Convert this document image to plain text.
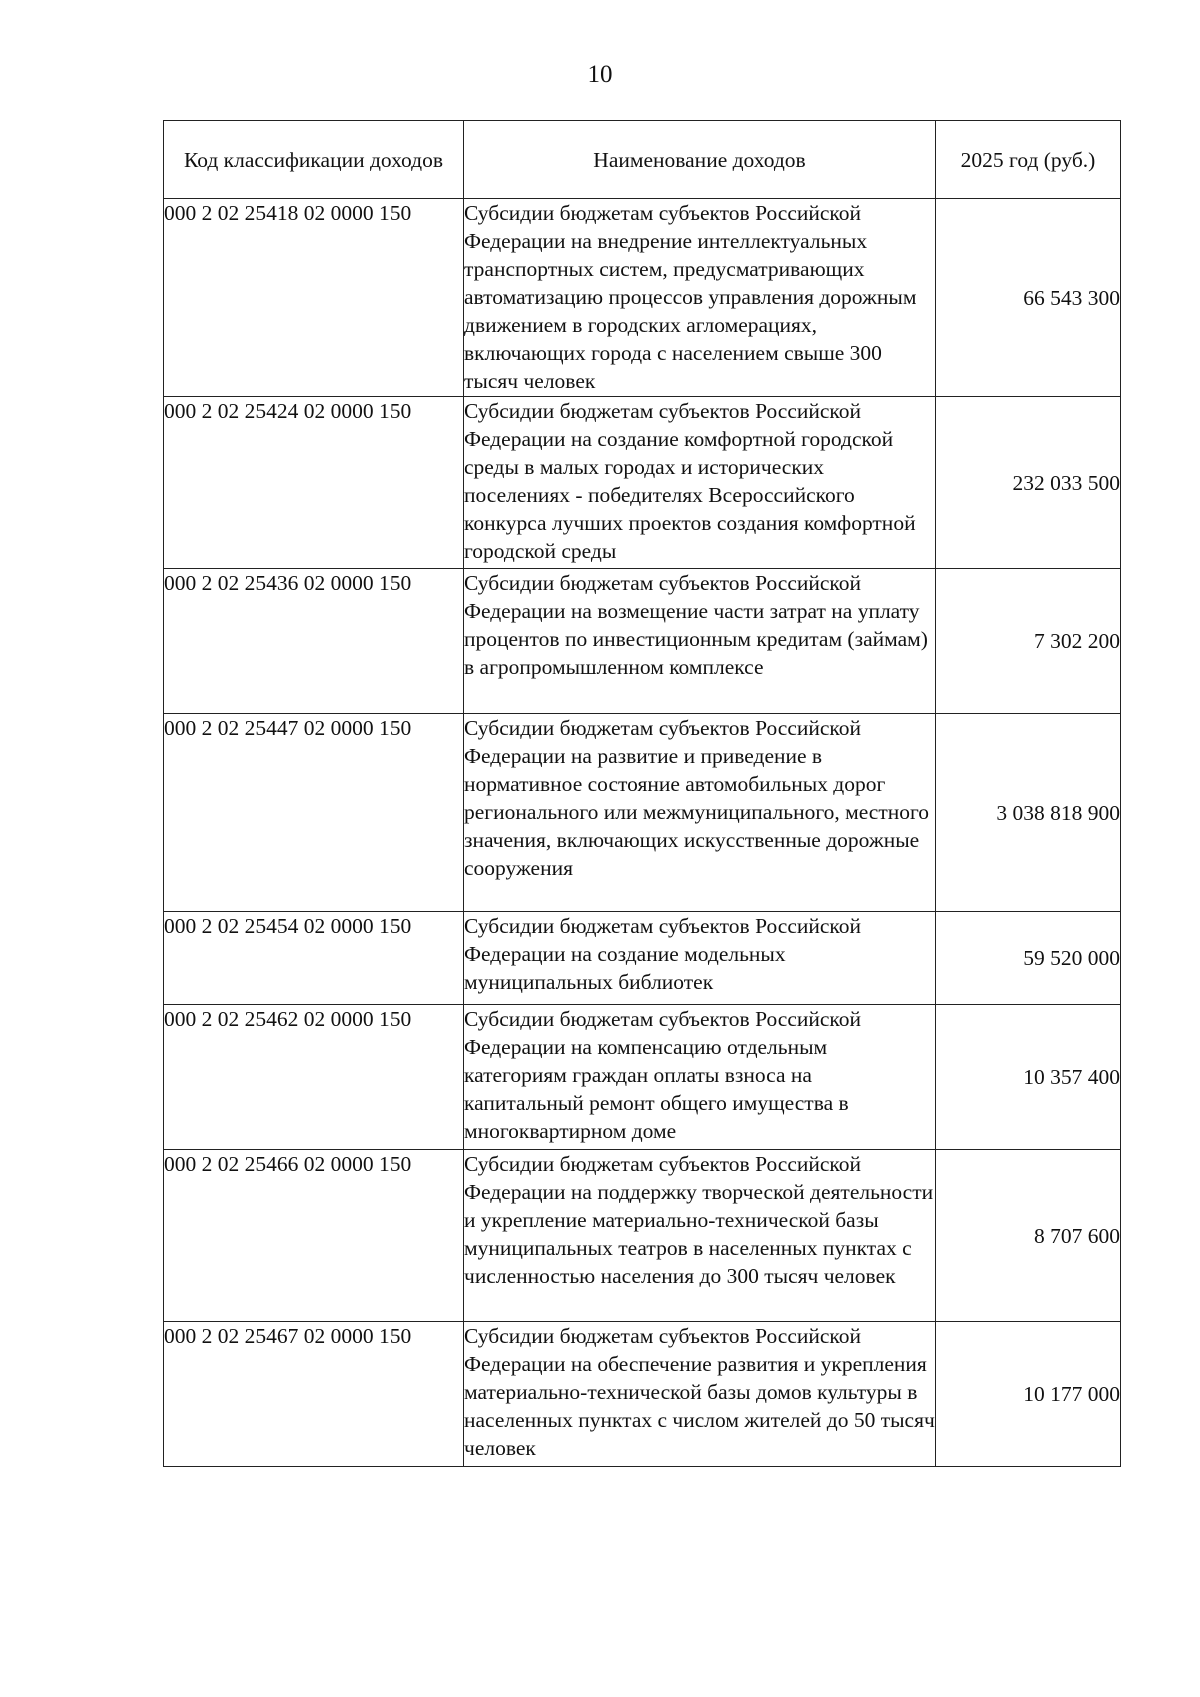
10
Код классификации доходов	Наименование доходов	2025 год (руб.)
000 2 02 25418 02 0000 150	Субсидии бюджетам субъектов Российской Федерации на внедрение интеллектуальных транспортных систем, предусматривающих автоматизацию процессов управления дорожным движением в городских агломерациях, включающих города с населением свыше 300 тысяч человек	66 543 300
000 2 02 25424 02 0000 150	Субсидии бюджетам субъектов Российской Федерации на создание комфортной городской среды в малых городах и исторических поселениях - победителях Всероссийского конкурса лучших проектов создания комфортной городской среды	232 033 500
000 2 02 25436 02 0000 150	Субсидии бюджетам субъектов Российской Федерации на возмещение части затрат на уплату процентов по инвестиционным кредитам (займам) в агропромышленном комплексе	7 302 200
000 2 02 25447 02 0000 150	Субсидии бюджетам субъектов Российской Федерации на развитие и приведение в нормативное состояние автомобильных дорог регионального или межмуниципального, местного значения, включающих искусственные дорожные сооружения	3 038 818 900
000 2 02 25454 02 0000 150	Субсидии бюджетам субъектов Российской Федерации на создание модельных муниципальных библиотек	59 520 000
000 2 02 25462 02 0000 150	Субсидии бюджетам субъектов Российской Федерации на компенсацию отдельным категориям граждан оплаты взноса на капитальный ремонт общего имущества в многоквартирном доме	10 357 400
000 2 02 25466 02 0000 150	Субсидии бюджетам субъектов Российской Федерации на поддержку творческой деятельности и укрепление материально-технической базы муниципальных театров в населенных пунктах с численностью населения до 300 тысяч человек	8 707 600
000 2 02 25467 02 0000 150	Субсидии бюджетам субъектов Российской Федерации на обеспечение развития и укрепления материально-технической базы домов культуры в населенных пунктах с числом жителей до 50 тысяч человек	10 177 000
